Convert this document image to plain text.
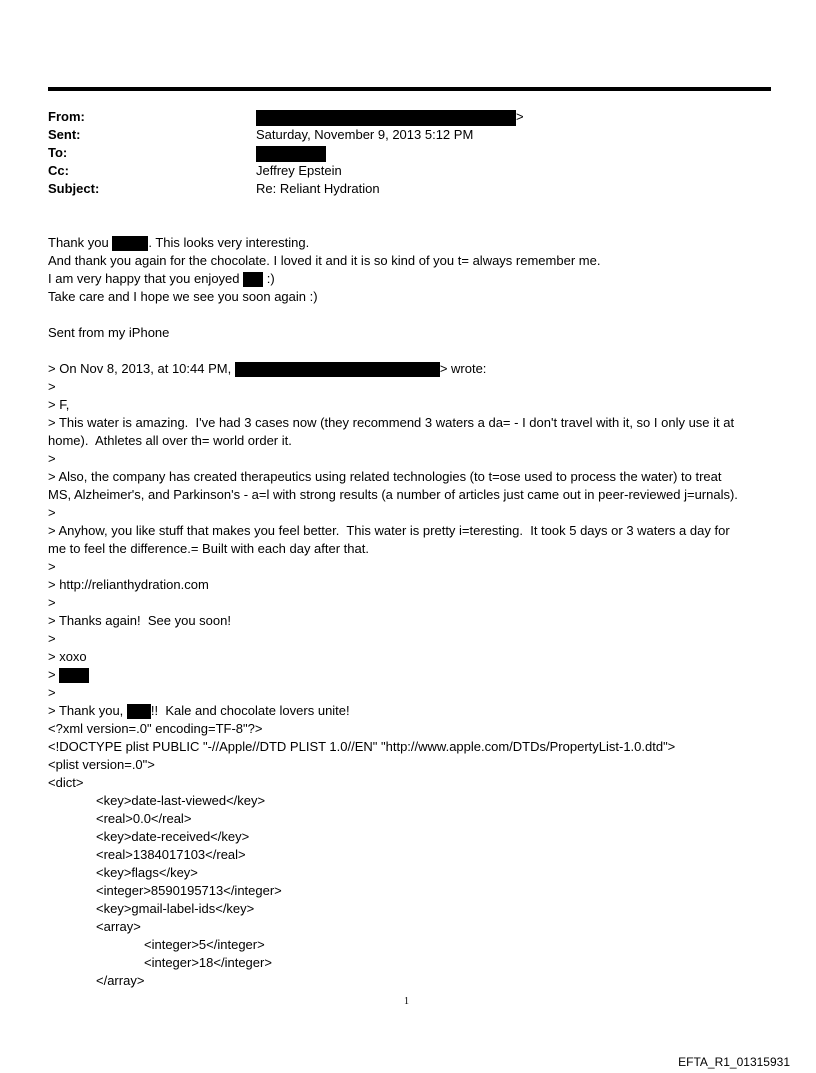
From:	>
Sent:	Saturday, November 9, 2013 5:12 PM
To:
Cc:	Jeffrey Epstein
Subject:	Re: Reliant Hydration

Thank you	. This looks very interesting.

And thank you again for the chocolate. I loved it and it is so kind of you t= always remember me.

I am very happy that you enjoyed  :)

Take care and I hope we see you soon again :)

Sent from my iPhone

> On Nov 8, 2013, at 10:44 PM,	> wrote:

>

> F,

> This water is amazing.  I've had 3 cases now (they recommend 3 waters a da= - I don't travel with it, so I only use it at

home).  Athletes all over th= world order it.

>

> Also, the company has created therapeutics using related technologies (to t=ose used to process the water) to treat

MS, Alzheimer's, and Parkinson's - a=l with strong results (a number of articles just came out in peer-reviewed j=urnals).

>

> Anyhow, you like stuff that makes you feel better.  This water is pretty i=teresting.  It took 5 days or 3 waters a day for

me to feel the difference.= Built with each day after that.

>

> http://relianthydration.com

>

> Thanks again!  See you soon!

>

> xoxo

>

>

> Thank you, !!  Kale and chocolate lovers unite!

<?xml version=.0" encoding=TF-8"?>

<!DOCTYPE plist PUBLIC "-//Apple//DTD PLIST 1.0//EN" "http://www.apple.com/DTDs/PropertyList-1.0.dtd">

<plist version=.0">

<dict>

<key>date-last-viewed</key>

<real>0.0</real>

<key>date-received</key>

<real>1384017103</real>

<key>flags</key>

<integer>8590195713</integer>

<key>gmail-label-ids</key>

<array>

<integer>5</integer>

<integer>18</integer>

</array>

1
EFTA_R1_01315931
